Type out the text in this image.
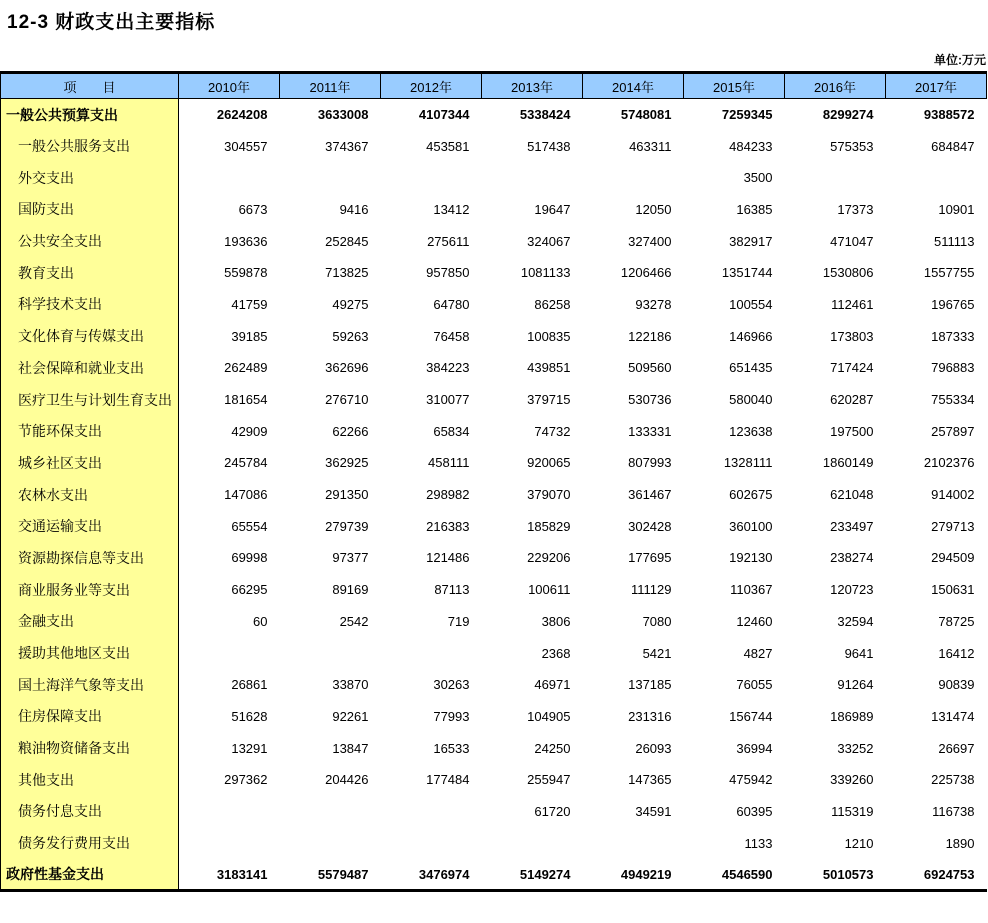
12-3 财政支出主要指标
单位:万元
项　　目	2010年	2011年	2012年	2013年	2014年	2015年	2016年	2017年
一般公共预算支出	2624208	3633008	4107344	5338424	5748081	7259345	8299274	9388572
一般公共服务支出	304557	374367	453581	517438	463311	484233	575353	684847
外交支出						3500		
国防支出	6673	9416	13412	19647	12050	16385	17373	10901
公共安全支出	193636	252845	275611	324067	327400	382917	471047	511113
教育支出	559878	713825	957850	1081133	1206466	1351744	1530806	1557755
科学技术支出	41759	49275	64780	86258	93278	100554	112461	196765
文化体育与传媒支出	39185	59263	76458	100835	122186	146966	173803	187333
社会保障和就业支出	262489	362696	384223	439851	509560	651435	717424	796883
医疗卫生与计划生育支出	181654	276710	310077	379715	530736	580040	620287	755334
节能环保支出	42909	62266	65834	74732	133331	123638	197500	257897
城乡社区支出	245784	362925	458111	920065	807993	1328111	1860149	2102376
农林水支出	147086	291350	298982	379070	361467	602675	621048	914002
交通运输支出	65554	279739	216383	185829	302428	360100	233497	279713
资源勘探信息等支出	69998	97377	121486	229206	177695	192130	238274	294509
商业服务业等支出	66295	89169	87113	100611	111129	110367	120723	150631
金融支出	60	2542	719	3806	7080	12460	32594	78725
援助其他地区支出				2368	5421	4827	9641	16412
国土海洋气象等支出	26861	33870	30263	46971	137185	76055	91264	90839
住房保障支出	51628	92261	77993	104905	231316	156744	186989	131474
粮油物资储备支出	13291	13847	16533	24250	26093	36994	33252	26697
其他支出	297362	204426	177484	255947	147365	475942	339260	225738
债务付息支出				61720	34591	60395	115319	116738
债务发行费用支出						1133	1210	1890
政府性基金支出	3183141	5579487	3476974	5149274	4949219	4546590	5010573	6924753
